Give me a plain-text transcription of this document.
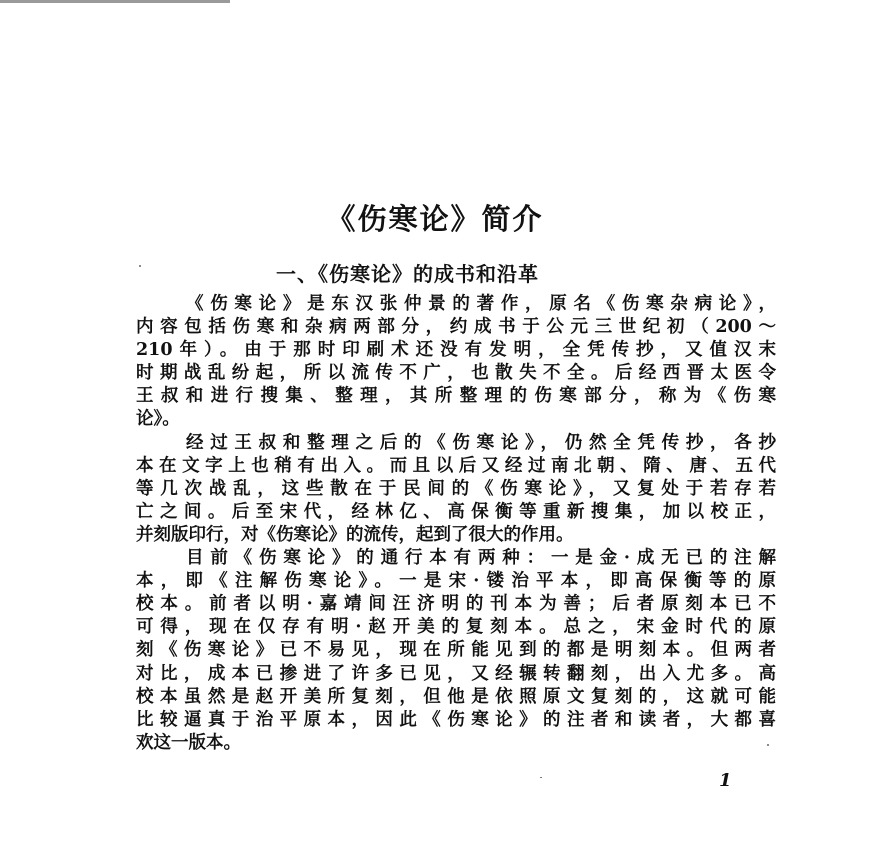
《伤寒论》简介
一、《伤寒论》的成书和沿革
《伤寒论》是东汉张仲景的著作，原名《伤寒杂病论》，
内容包括伤寒和杂病两部分，约成书于公元三世纪初（200～
210年）。由于那时印刷术还没有发明，全凭传抄，又值汉末
时期战乱纷起，所以流传不广，也散失不全。后经西晋太医令
王叔和进行搜集、整理，其所整理的伤寒部分，称为《伤寒
论》。
经过王叔和整理之后的《伤寒论》，仍然全凭传抄，各抄
本在文字上也稍有出入。而且以后又经过南北朝、隋、唐、五代
等几次战乱，这些散在于民间的《伤寒论》，又复处于若存若
亡之间。后至宋代，经林亿、高保衡等重新搜集，加以校正，
并刻版印行，对《伤寒论》的流传，起到了很大的作用。
目前《伤寒论》的通行本有两种：一是金·成无已的注解
本，即《注解伤寒论》。一是宋·镂治平本，即高保衡等的原
校本。前者以明·嘉靖间汪济明的刊本为善；后者原刻本已不
可得，现在仅存有明·赵开美的复刻本。总之，宋金时代的原
刻《伤寒论》已不易见，现在所能见到的都是明刻本。但两者
对比，成本已掺进了许多已见，又经辗转翻刻，出入尤多。高
校本虽然是赵开美所复刻，但他是依照原文复刻的，这就可能
比较逼真于治平原本，因此《伤寒论》的注者和读者，大都喜
欢这一版本。
1
